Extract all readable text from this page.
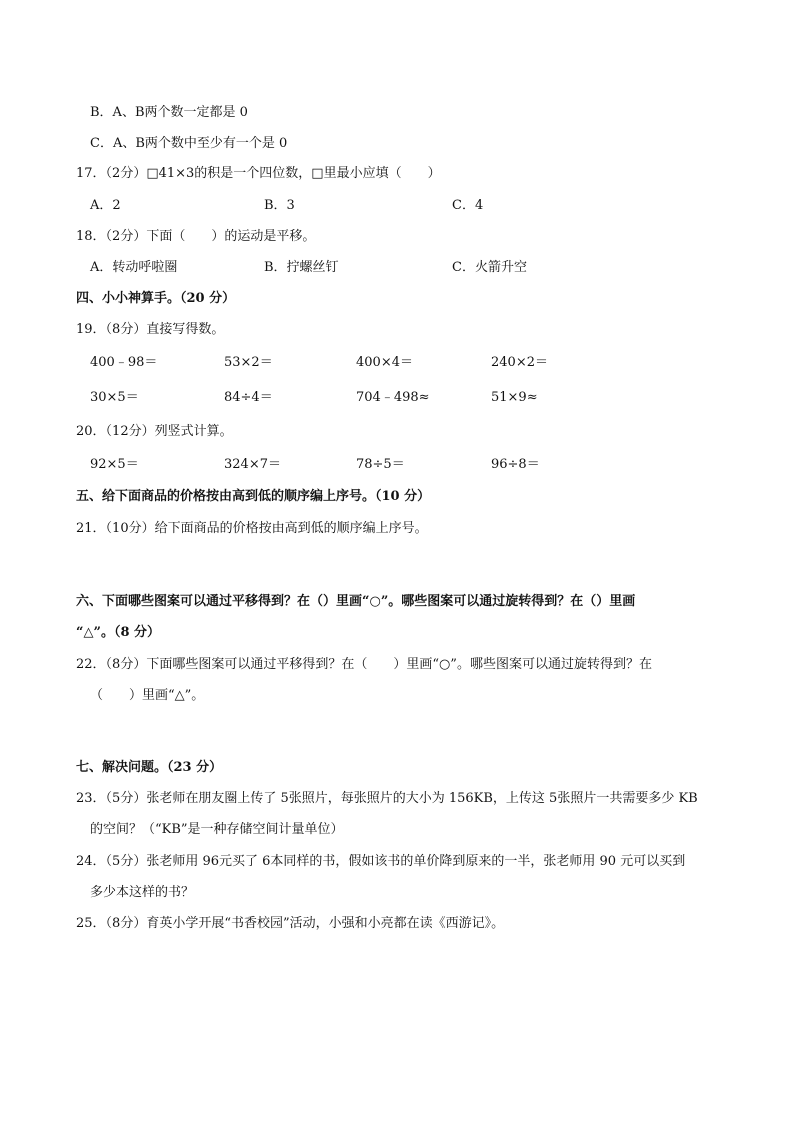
B．A、B两个数一定都是 0
C．A、B两个数中至少有一个是 0
17．（2分）□41×3的积是一个四位数，□里最小应填（　　）
A．2	B．3	C．4
18．（2分）下面（　　）的运动是平移。
A．转动呼啦圈	B．拧螺丝钉	C．火箭升空
四、小小神算手。（20 分）
19．（8分）直接写得数。
400﹣98＝	53×2＝	400×4＝	240×2＝
30×5＝	84÷4＝	704﹣498≈	51×9≈
20．（12分）列竖式计算。
92×5＝	324×7＝	78÷5＝	96÷8＝
五、给下面商品的价格按由高到低的顺序编上序号。（10 分）
21．（10分）给下面商品的价格按由高到低的顺序编上序号。
六、下面哪些图案可以通过平移得到？在（）里画“○”。哪些图案可以通过旋转得到？在（）里画
“△”。（8 分）
22．（8分）下面哪些图案可以通过平移得到？在（　　）里画“○”。哪些图案可以通过旋转得到？在
（　　）里画“△”。
七、解决问题。（23 分）
23．（5分）张老师在朋友圈上传了 5张照片，每张照片的大小为 156KB，上传这 5张照片一共需要多少 KB
的空间？（“KB”是一种存储空间计量单位）
24．（5分）张老师用 96元买了 6本同样的书，假如该书的单价降到原来的一半，张老师用 90 元可以买到
多少本这样的书？
25．（8分）育英小学开展“书香校园”活动，小强和小亮都在读《西游记》。
